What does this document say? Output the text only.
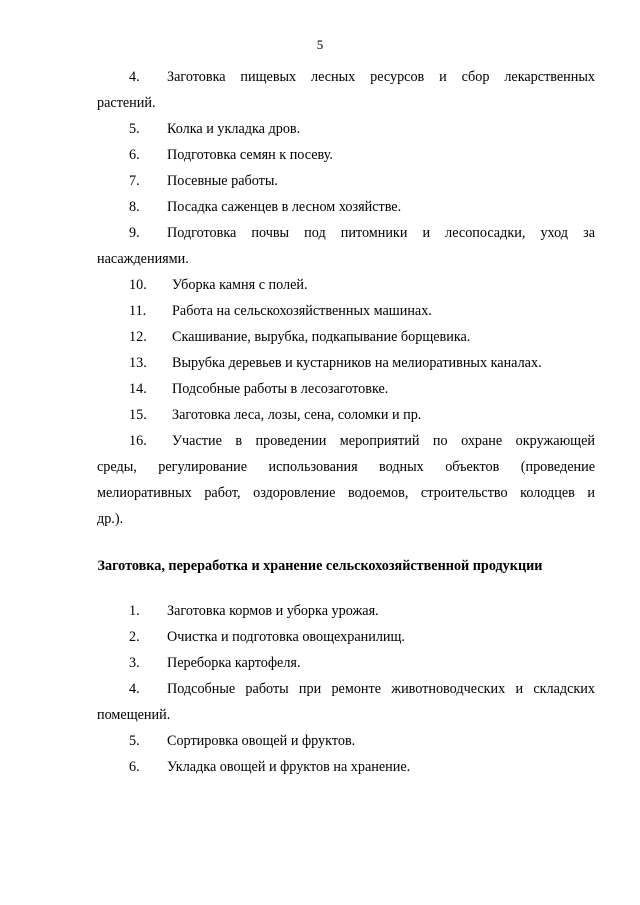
5
4. Заготовка пищевых лесных ресурсов и сбор лекарственных
растений.
5. Колка и укладка дров.
6. Подготовка семян к посеву.
7. Посевные работы.
8. Посадка саженцев в лесном хозяйстве.
9. Подготовка почвы под питомники и лесопосадки, уход за
насаждениями.
10. Уборка камня с полей.
11. Работа на сельскохозяйственных машинах.
12. Скашивание, вырубка, подкапывание борщевика.
13. Вырубка деревьев и кустарников на мелиоративных каналах.
14. Подсобные работы в лесозаготовке.
15. Заготовка леса, лозы, сена, соломки и пр.
16. Участие в проведении мероприятий по охране окружающей
среды, регулирование использования водных объектов (проведение
мелиоративных работ, оздоровление водоемов, строительство колодцев и
др.).
Заготовка, переработка и хранение сельскохозяйственной продукции
1. Заготовка кормов и уборка урожая.
2. Очистка и подготовка овощехранилищ.
3. Переборка картофеля.
4. Подсобные работы при ремонте животноводческих и складских
помещений.
5. Сортировка овощей и фруктов.
6. Укладка овощей и фруктов на хранение.
